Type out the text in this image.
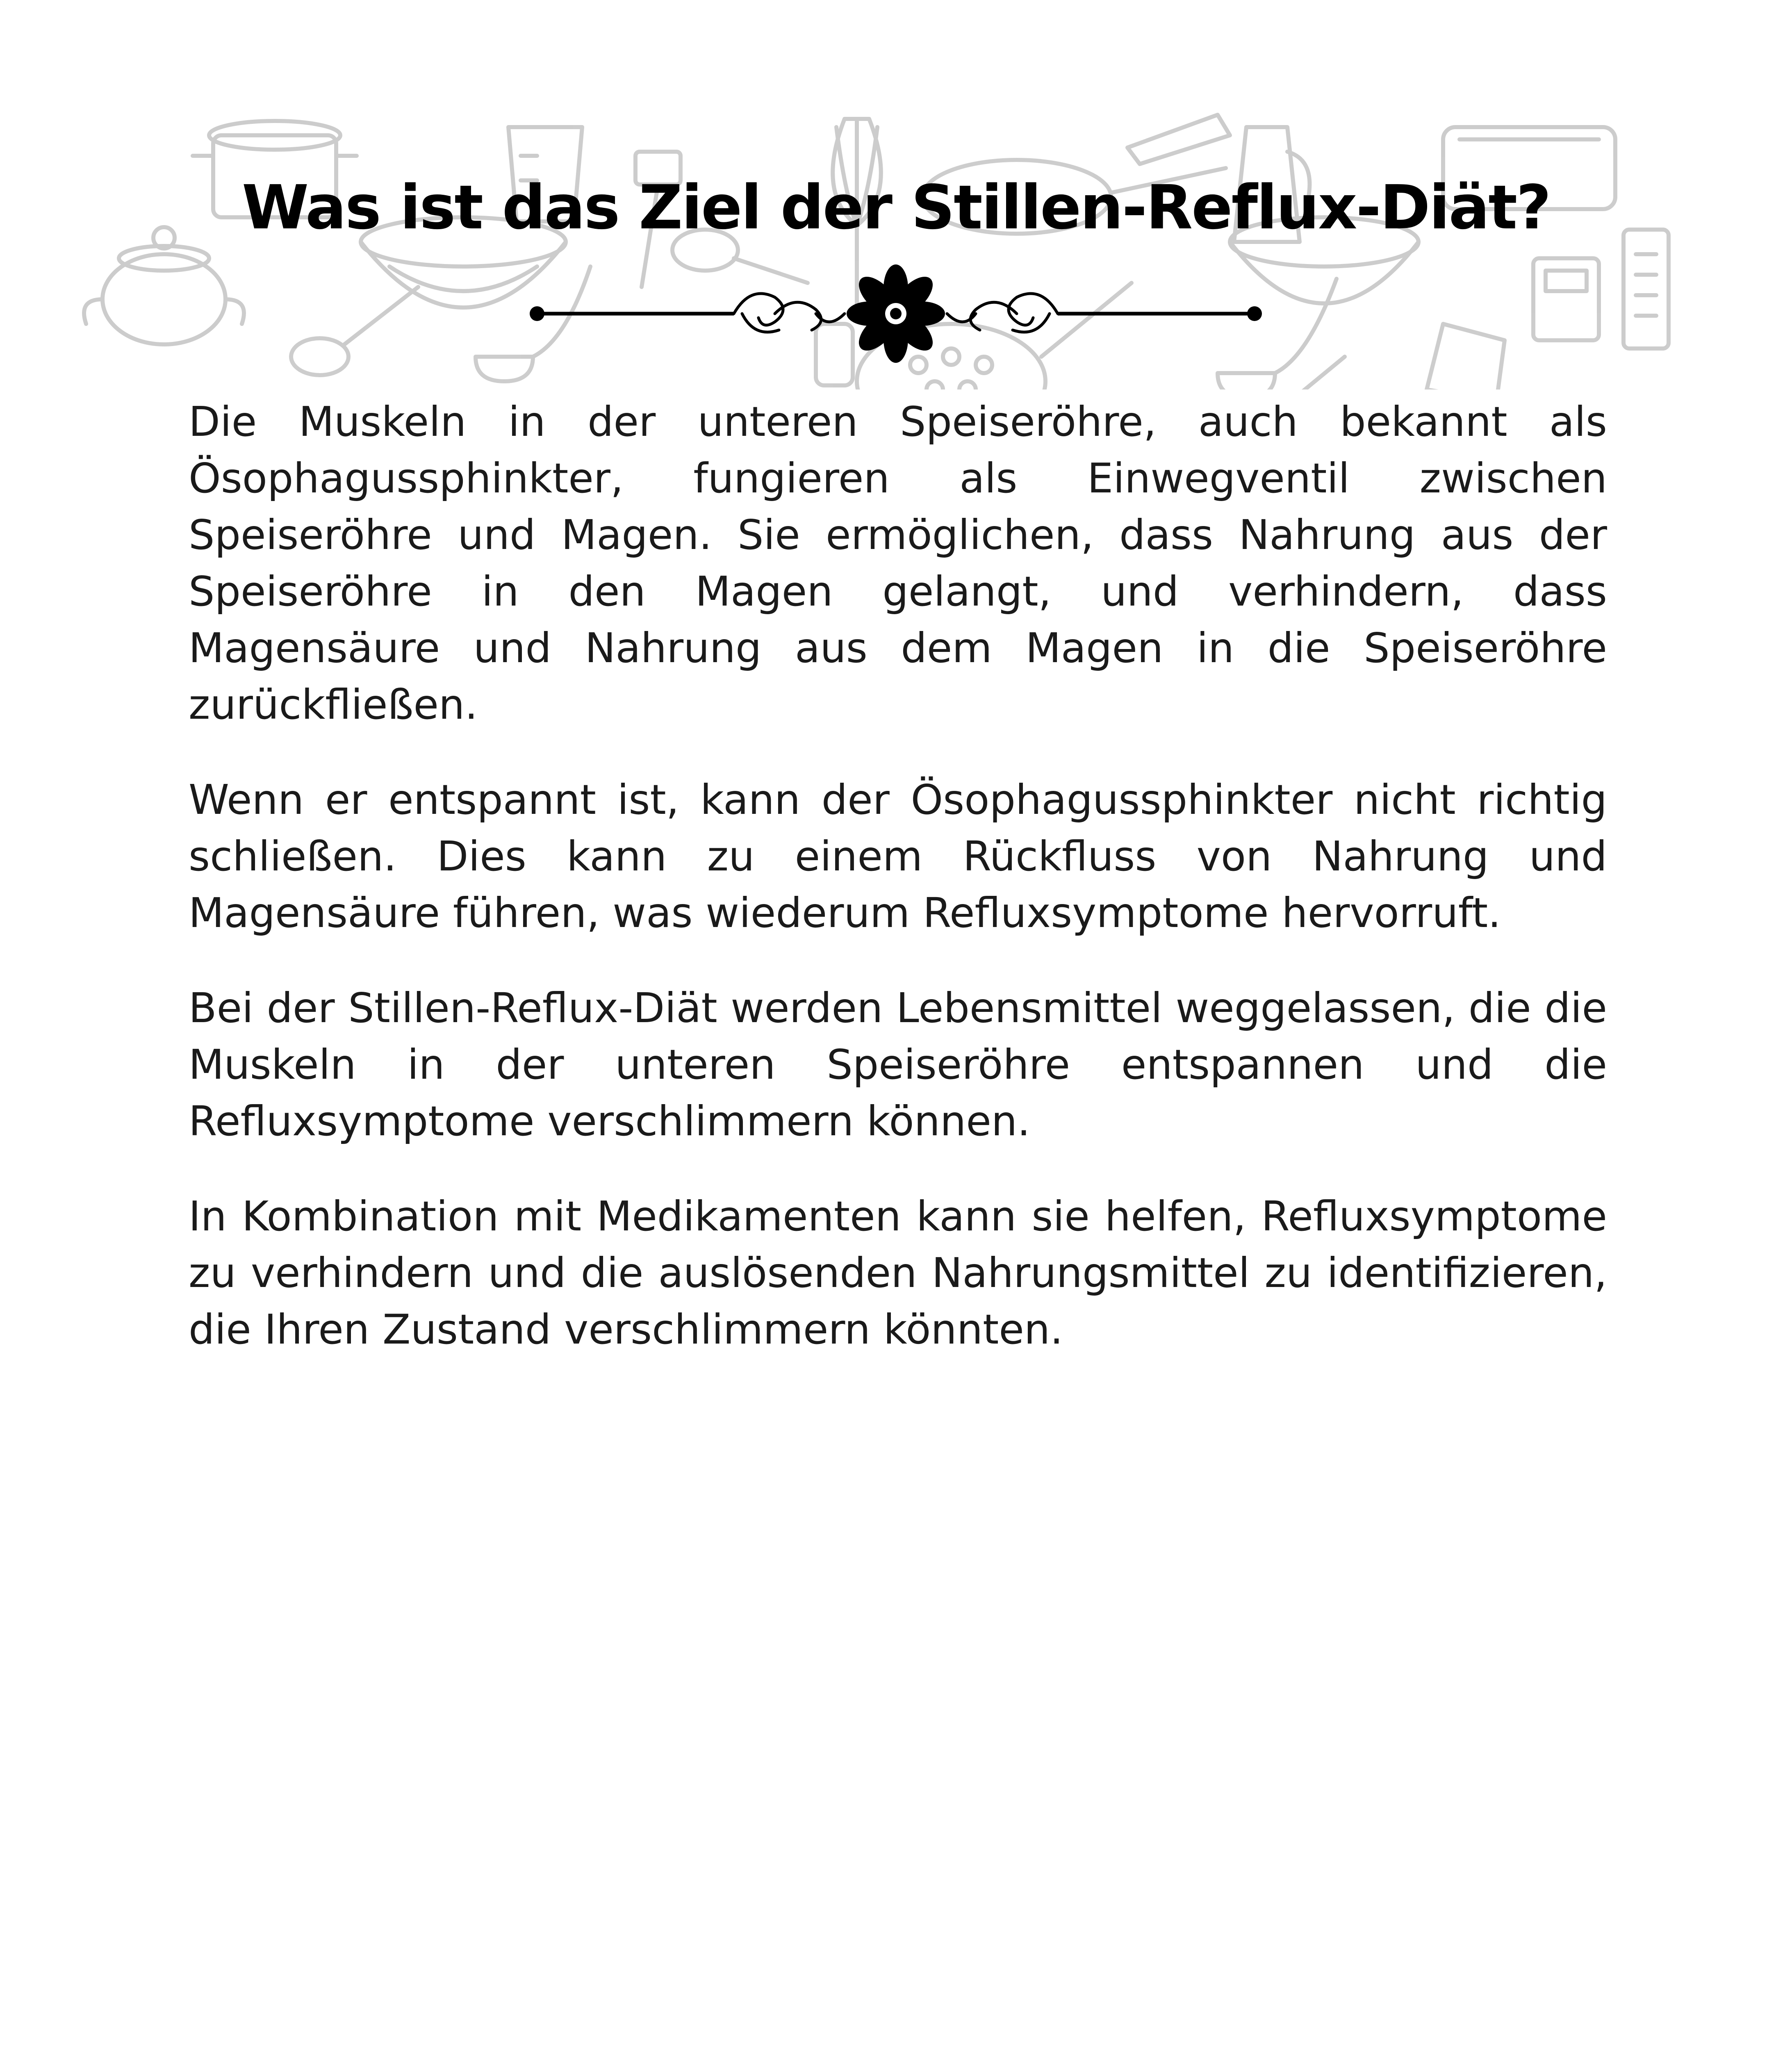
Was ist das Ziel der Stillen-Reflux-Diät?

Die Muskeln in der unteren Speiseröhre, auch bekannt als Ösophagussphinkter, fungieren als Einwegventil zwischen Speiseröhre und Magen. Sie ermöglichen, dass Nahrung aus der Speiseröhre in den Magen gelangt, und verhindern, dass Magensäure und Nahrung aus dem Magen in die Speiseröhre zurückfließen.

Wenn er entspannt ist, kann der Ösophagussphinkter nicht richtig schließen. Dies kann zu einem Rückfluss von Nahrung und Magensäure führen, was wiederum Refluxsymptome hervorruft.

Bei der Stillen-Reflux-Diät werden Lebensmittel weggelassen, die die Muskeln in der unteren Speiseröhre entspannen und die Refluxsymptome verschlimmern können.

In Kombination mit Medikamenten kann sie helfen, Refluxsymptome zu verhindern und die auslösenden Nahrungsmittel zu identifizieren, die Ihren Zustand verschlimmern könnten.
